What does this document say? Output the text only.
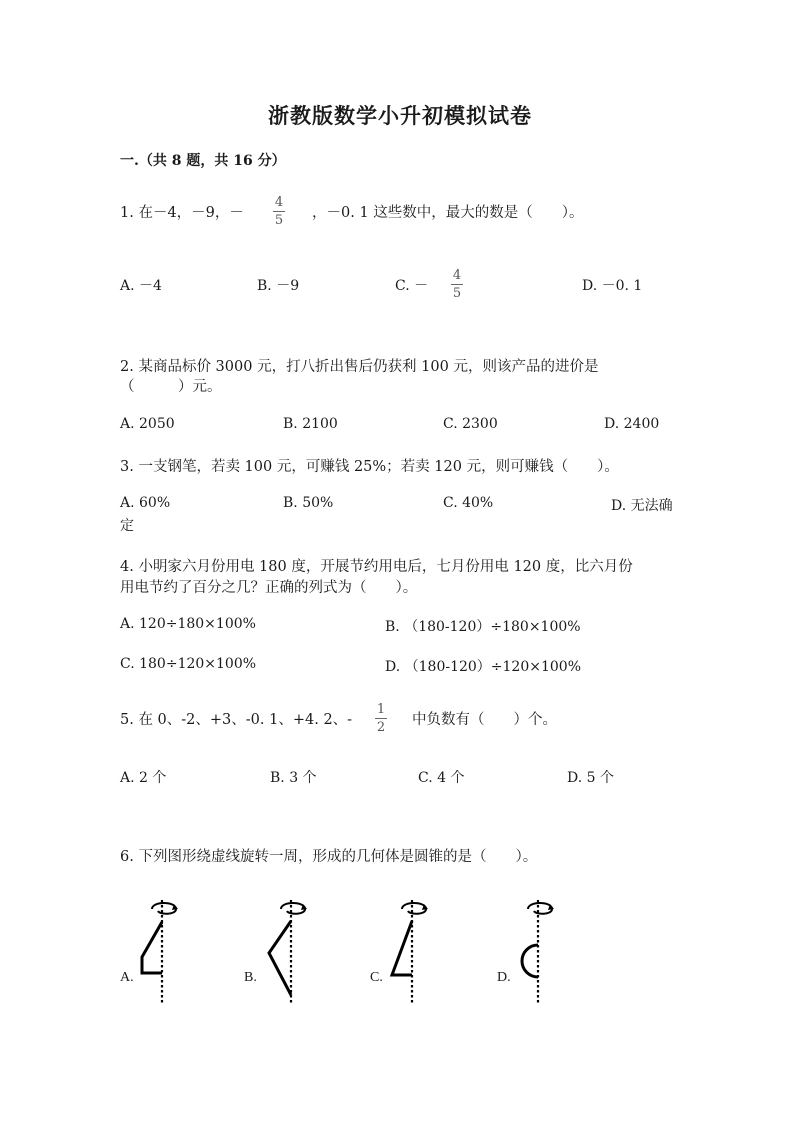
浙教版数学小升初模拟试卷
一.（共 8 题，共 16 分）
1. 在－4，－9，－
4
5 ，－0. 1 这些数中，最大的数是（　　）。
A. －4	B. －9	C. －
4
5	D. －0. 1
2. 某商品标价 3000 元，打八折出售后仍获利 100 元，则该产品的进价是
（　　　）元。
A. 2050	B. 2100	C. 2300	D. 2400
3. 一支钢笔，若卖 100 元，可赚钱 25%；若卖 120 元，则可赚钱（　　）。
A. 60%	B. 50%	C. 40%	D. 无法确
定
4. 小明家六月份用电 180 度，开展节约用电后，七月份用电 120 度，比六月份
用电节约了百分之几？正确的列式为（　　）。
A. 120÷180×100%	B. （180-120）÷180×100%
C. 180÷120×100%	D. （180-120）÷120×100%
5. 在 0、-2、+3、-0. 1、+4. 2、-
1
2 中负数有（　　）个。
A. 2 个	B. 3 个	C. 4 个	D. 5 个
6. 下列图形绕虚线旋转一周，形成的几何体是圆锥的是（　　）。
A.	B.	C.	D.
